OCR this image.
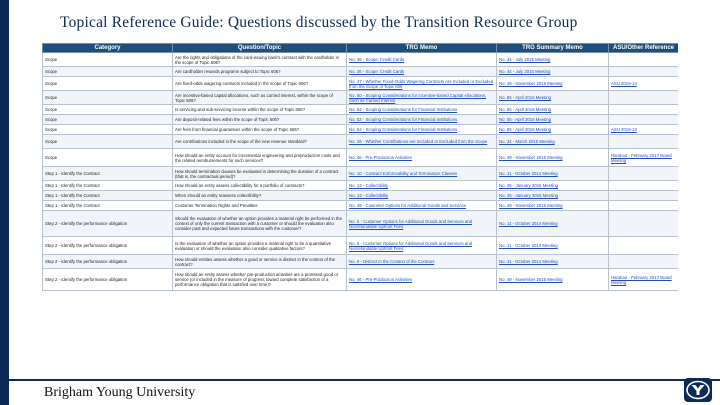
Topical Reference Guide: Questions discussed by the Transition Resource Group
Category	Question/Topic	TRG Memo	TRG Summary Memo	ASU/Other Reference
Scope	Are the rights and obligations of the card-issuing bank's contract with the cardholder in the scope of Topic 606?	No. 36 - Scope: Credit Cards	No. 44 - July 2015 Meeting	
Scope	Are cardholder rewards programs subject to Topic 606?	No. 36 - Scope: Credit Cards	No. 44 - July 2015 Meeting	
Scope	Are fixed-odds wagering contracts included in the scope of Topic 606?	No. 47 - Whether Fixed-Odds Wagering Contracts Are Included or Excluded from the Scope of Topic 606	No. 49 - November 2015 Meeting	ASU 2016-13
Scope	Are incentive-based capital allocations, such as carried interest, within the scope of Topic 606?	No. 50 - Scoping Considerations for Incentive-based Capital Allocations, Such as Carried Interest	No. 55 - April 2016 Meeting	
Scope	Is servicing and sub-servicing income within the scope of Topic 606?	No. 52 - Scoping Considerations for Financial Institutions	No. 55 - April 2016 Meeting	
Scope	Are deposit-related fees within the scope of Topic 606?	No. 52 - Scoping Considerations for Financial Institutions	No. 55 - April 2016 Meeting	
Scope	Are fees from financial guarantees within the scope of Topic 606?	No. 52 - Scoping Considerations for Financial Institutions	No. 55 - April 2016 Meeting	ASU 2016-13
Scope	Are contributions included in the scope of the new revenue standard?	No. 26 - Whether Contributions are Included or Excluded from the Scope	No. 34 - March 2015 Meeting	
Scope	How should an entity account for incremental engineering and preproduction costs and the related reimbursements for such services?	No. 46 - Pre-Production Activities	No. 49 - November 2015 Meeting	Handout - February 2017 Board Meeting
Step 1 - Identify the Contract	How should termination clauses be evaluated in determining the duration of a contract (that is, the contractual period)?	No. 10 - Contract Enforceability and Termination Clauses	No. 11 - October 2014 Meeting	
Step 1 - Identify the Contract	How should an entity assess collectibility for a portfolio of contracts?	No. 13 - Collectibility	No. 25 - January 2015 Meeting	
Step 1 - Identify the Contract	When should an entity reassess collectibility?	No. 13 - Collectibility	No. 25 - January 2015 Meeting	
Step 1 - Identify the Contract	Customer Termination Rights and Penalties	No. 48 - Customer Options for Additional Goods and Services	No. 49 - November 2015 Meeting	
Step 2 - Identify the performance obligation	Should the evaluation of whether an option provides a material right be performed in the context of only the current transaction with a customer or should the evaluation also consider past and expected future transactions with the customer?	No. 6 - Customer Options for Additional Goods and Services and Nonrefundable Upfront Fees	No. 11 - October 2014 Meeting	
Step 2 - Identify the performance obligation	Is the evaluation of whether an option provides a material right to be a quantitative evaluation or should the evaluation also consider qualitative factors?	No. 6 - Customer Options for Additional Goods and Services and Nonrefundable Upfront Fees	No. 11 - October 2014 Meeting	
Step 2 - Identify the performance obligation	How should entities assess whether a good or service is distinct in the context of the contract?	No. 9 - Distinct in the Context of the Contract	No. 11 - October 2014 Meeting	
Step 2 - Identify the performance obligation	How should an entity assess whether pre-production activities are a promised good or service (or included in the measure of progress toward complete satisfaction of a performance obligation that is satisfied over time)?	No. 46 - Pre-Production Activities	No. 49 - November 2015 Meeting	Handout - February 2017 Board Meeting
Brigham Young University
